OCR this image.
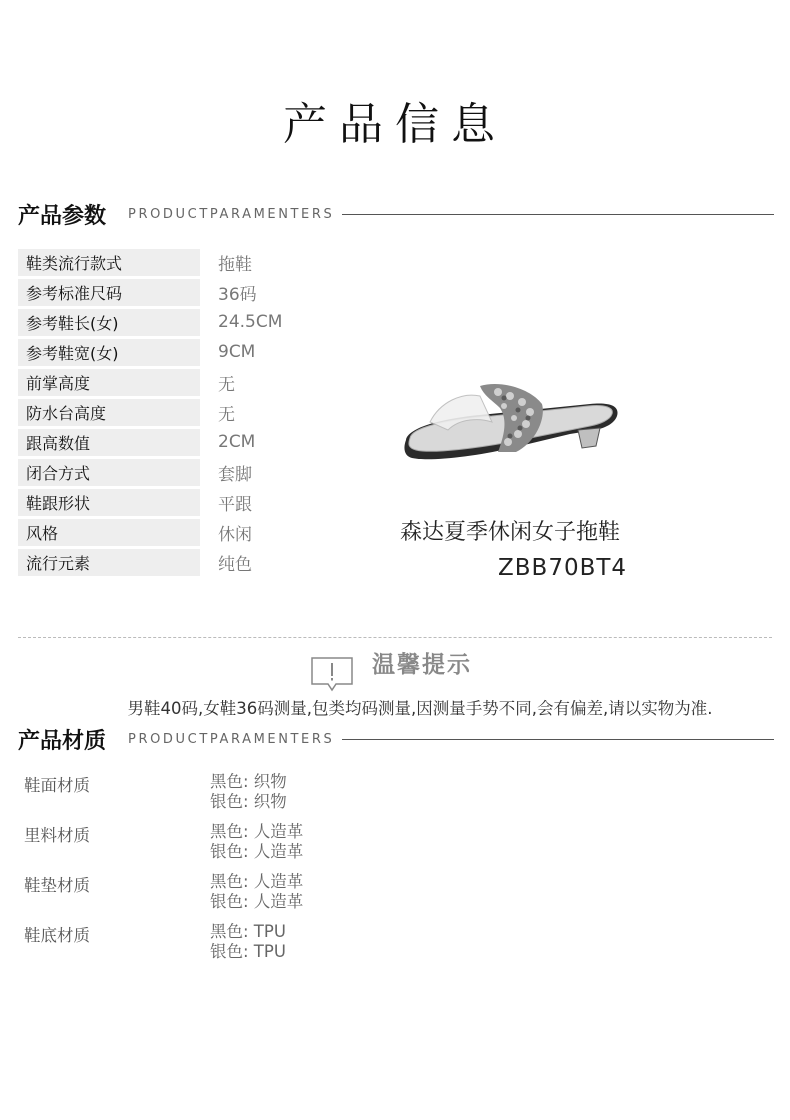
产品信息
产品参数 PRODUCTPARAMENTERS
鞋类流行款式	拖鞋
参考标准尺码	36码
参考鞋长(女)	24.5CM
参考鞋宽(女)	9CM
前掌高度	无
防水台高度	无
跟高数值	2CM
闭合方式	套脚
鞋跟形状	平跟
风格	休闲
流行元素	纯色
森达夏季休闲女子拖鞋
ZBB70BT4
温馨提示
男鞋40码,女鞋36码测量,包类均码测量,因测量手势不同,会有偏差,请以实物为准.
产品材质 PRODUCTPARAMENTERS
鞋面材质	黑色: 织物
银色: 织物
里料材质	黑色: 人造革
银色: 人造革
鞋垫材质	黑色: 人造革
银色: 人造革
鞋底材质	黑色: TPU
银色: TPU
